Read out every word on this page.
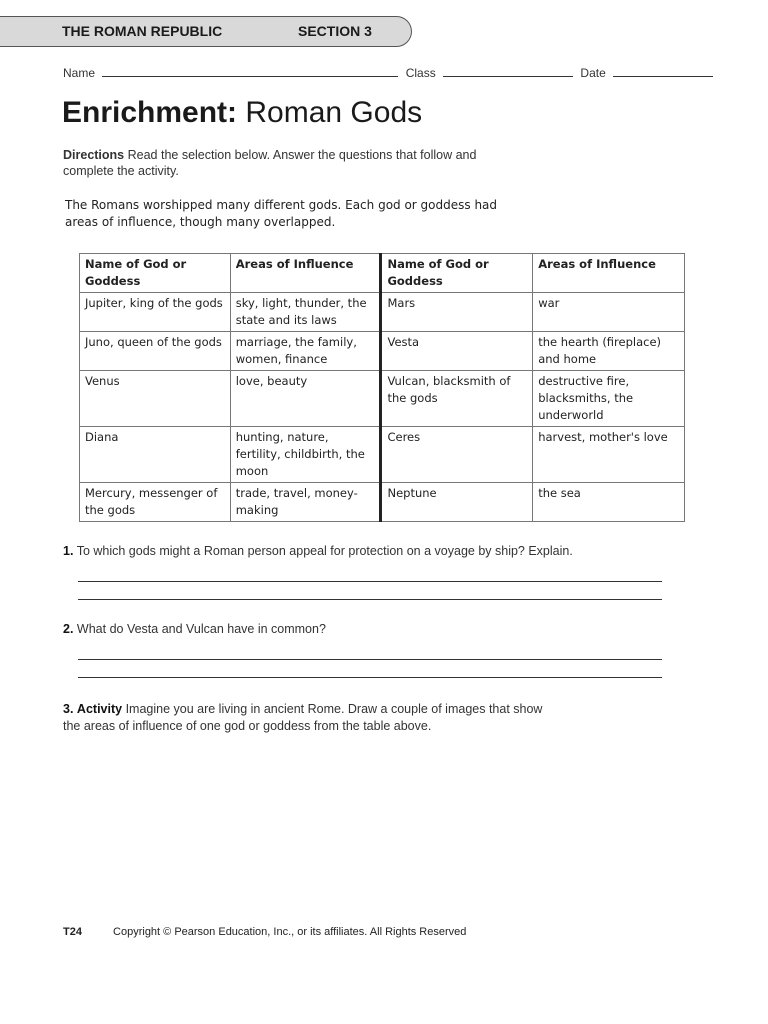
THE ROMAN REPUBLIC	SECTION 3
Name	Class	Date
Enrichment: Roman Gods
Directions Read the selection below. Answer the questions that follow and complete the activity.
The Romans worshipped many different gods. Each god or goddess had areas of influence, though many overlapped.
Name of God or Goddess	Areas of Influence	Name of God or Goddess	Areas of Influence
Jupiter, king of the gods	sky, light, thunder, the state and its laws	Mars	war
Juno, queen of the gods	marriage, the family, women, finance	Vesta	the hearth (fireplace) and home
Venus	love, beauty	Vulcan, blacksmith of the gods	destructive fire, blacksmiths, the underworld
Diana	hunting, nature, fertility, childbirth, the moon	Ceres	harvest, mother's love
Mercury, messenger of the gods	trade, travel, money-making	Neptune	the sea
1. To which gods might a Roman person appeal for protection on a voyage by ship? Explain.
2. What do Vesta and Vulcan have in common?
3. Activity Imagine you are living in ancient Rome. Draw a couple of images that show the areas of influence of one god or goddess from the table above.
T24	Copyright © Pearson Education, Inc., or its affiliates. All Rights Reserved
